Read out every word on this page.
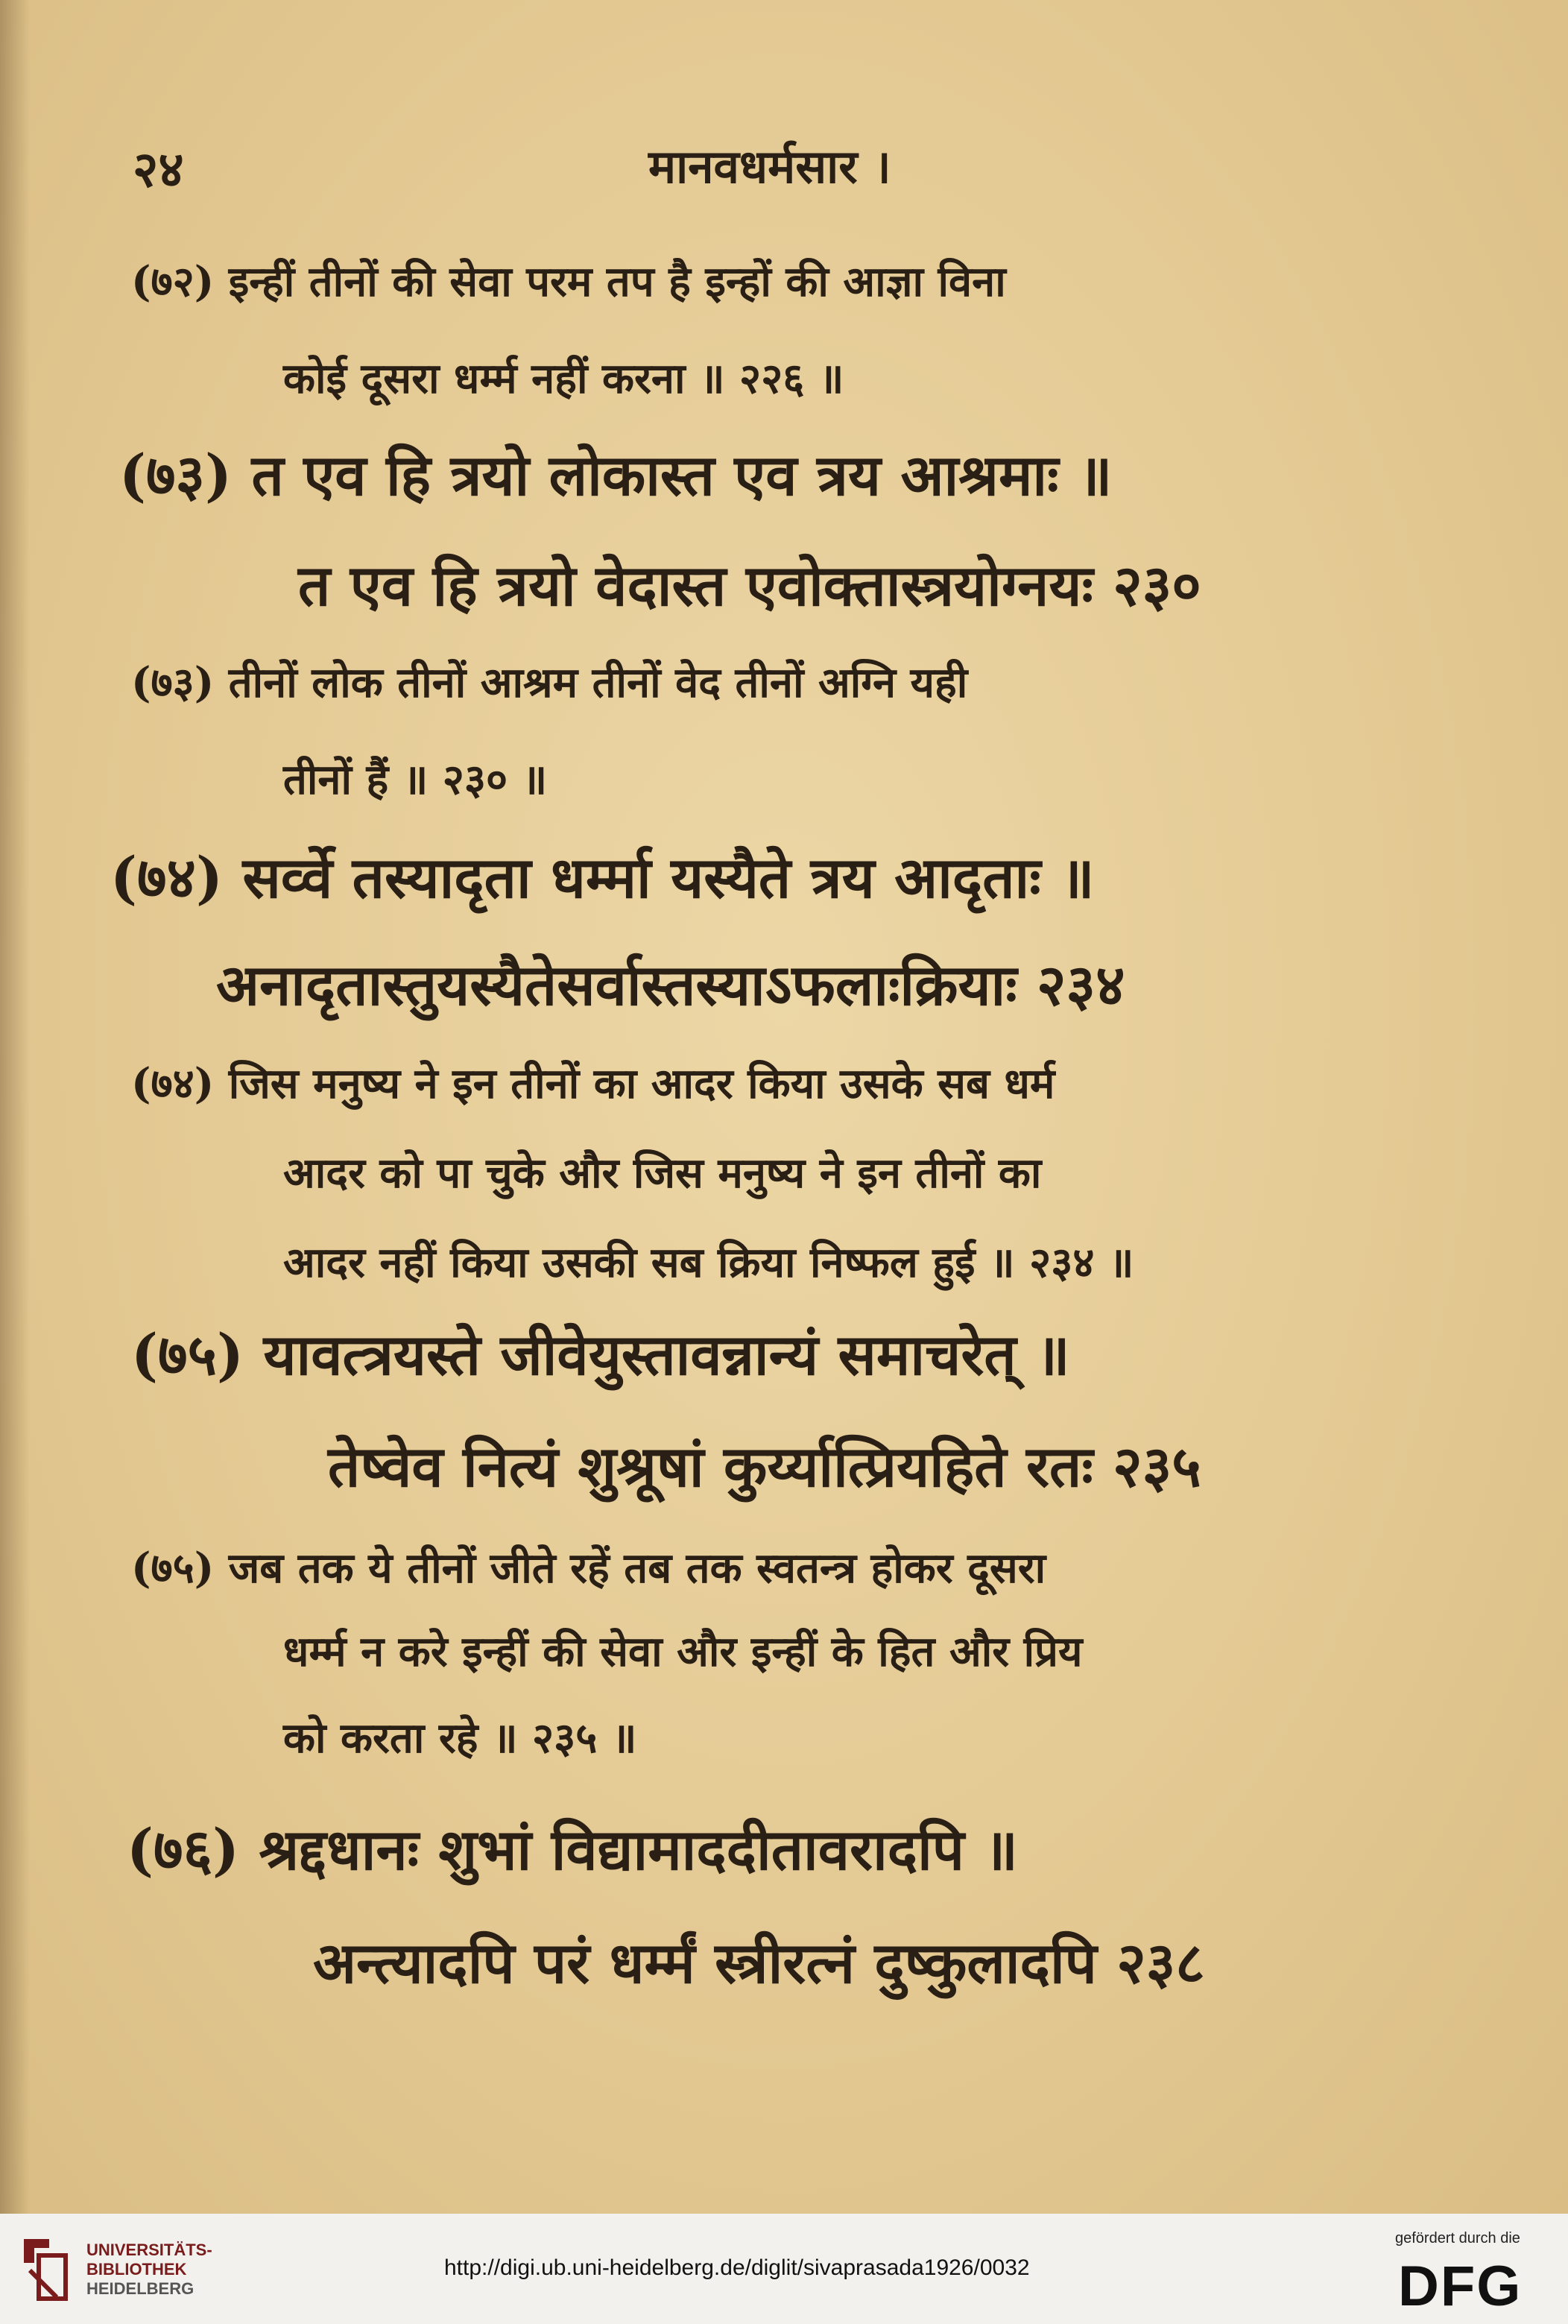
२४	मानवधर्मसार ।
(७२) इन्हीं तीनों की सेवा परम तप है इन्हों की आज्ञा विना
कोई दूसरा धर्म्म नहीं करना ॥ २२६ ॥
(७३) त एव हि त्रयो लोकास्त एव त्रय आश्रमाः ॥
त एव हि त्रयो वेदास्त एवोक्तास्त्रयोग्नयः २३०
(७३) तीनों लोक तीनों आश्रम तीनों वेद तीनों अग्नि यही
तीनों हैं ॥ २३० ॥
(७४) सर्व्वे तस्यादृता धर्म्मा यस्यैते त्रय आदृताः ॥
अनादृतास्तुयस्यैतेसर्वास्तस्याऽफलाःक्रियाः २३४
(७४) जिस मनुष्य ने इन तीनों का आदर किया उसके सब धर्म
आदर को पा चुके और जिस मनुष्य ने इन तीनों का
आदर नहीं किया उसकी सब क्रिया निष्फल हुई ॥ २३४ ॥
(७५) यावत्त्रयस्ते जीवेयुस्तावन्नान्यं समाचरेत् ॥
तेष्वेव नित्यं शुश्रूषां कुर्य्यात्प्रियहिते रतः २३५
(७५) जब तक ये तीनों जीते रहें तब तक स्वतन्त्र होकर दूसरा
धर्म्म न करे इन्हीं की सेवा और इन्हीं के हित और प्रिय
को करता रहे ॥ २३५ ॥
(७६) श्रद्दधानः शुभां विद्यामाददीतावरादपि ॥
अन्त्यादपि परं धर्म्मं स्त्रीरत्नं दुष्कुलादपि २३८
UNIVERSITÄTS-
BIBLIOTHEK
HEIDELBERG
http://digi.ub.uni-heidelberg.de/diglit/sivaprasada1926/0032
gefördert durch die
DFG
